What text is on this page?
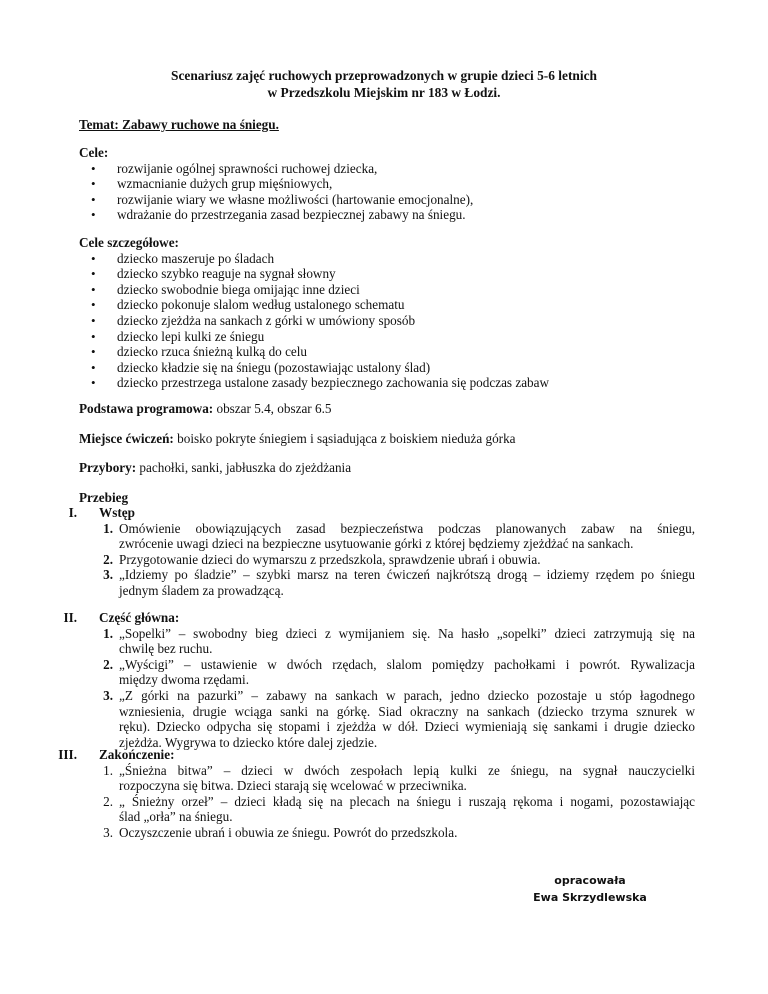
Scenariusz zajęć ruchowych przeprowadzonych w grupie dzieci 5-6 letnich
w Przedszkolu Miejskim nr 183 w Łodzi.
Temat: Zabawy ruchowe na śniegu.
Cele:
• rozwijanie ogólnej sprawności ruchowej dziecka,
• wzmacnianie dużych grup mięśniowych,
• rozwijanie wiary we własne możliwości (hartowanie emocjonalne),
• wdrażanie do przestrzegania zasad bezpiecznej zabawy na śniegu.
Cele szczegółowe:
• dziecko maszeruje po śladach
• dziecko szybko reaguje na sygnał słowny
• dziecko swobodnie biega omijając inne dzieci
• dziecko pokonuje slalom według ustalonego schematu
• dziecko zjeżdża na sankach z górki w umówiony sposób
• dziecko lepi kulki ze śniegu
• dziecko rzuca śnieżną kulką do celu
• dziecko kładzie się na śniegu (pozostawiając ustalony ślad)
• dziecko przestrzega ustalone zasady bezpiecznego zachowania się podczas zabaw
Podstawa programowa: obszar 5.4, obszar 6.5
Miejsce ćwiczeń: boisko pokryte śniegiem i sąsiadująca z boiskiem nieduża górka
Przybory: pachołki, sanki, jabłuszka do zjeżdżania
Przebieg
I.	Wstęp
1. Omówienie obowiązujących zasad bezpieczeństwa podczas planowanych zabaw na śniegu,
zwrócenie uwagi dzieci na bezpieczne usytuowanie górki z której będziemy zjeżdżać na sankach.
2. Przygotowanie dzieci do wymarszu z przedszkola, sprawdzenie ubrań i obuwia.
3. „Idziemy po śladzie” – szybki marsz na teren ćwiczeń najkrótszą drogą – idziemy rzędem po śniegu
jednym śladem za prowadzącą.
II.	Część główna:
1. „Sopelki” – swobodny bieg dzieci z wymijaniem się. Na hasło „sopelki” dzieci zatrzymują się na
chwilę bez ruchu.
2. „Wyścigi” – ustawienie w dwóch rzędach, slalom pomiędzy pachołkami i powrót. Rywalizacja
między dwoma rzędami.
3. „Z górki na pazurki” – zabawy na sankach w parach, jedno dziecko pozostaje u stóp łagodnego
wzniesienia, drugie wciąga sanki na górkę. Siad okraczny na sankach (dziecko trzyma sznurek w
ręku). Dziecko odpycha się stopami i zjeżdża w dół. Dzieci wymieniają się sankami i drugie dziecko
zjeżdża. Wygrywa to dziecko które dalej zjedzie.
III.	Zakończenie:
1. „Śnieżna bitwa” – dzieci w dwóch zespołach lepią kulki ze śniegu, na sygnał nauczycielki
rozpoczyna się bitwa. Dzieci starają się wcelować w przeciwnika.
2. „ Śnieżny orzeł” – dzieci kładą się na plecach na śniegu i ruszają rękoma i nogami, pozostawiając
ślad „orła” na śniegu.
3. Oczyszczenie ubrań i obuwia ze śniegu. Powrót do przedszkola.
opracowała
Ewa Skrzydlewska
